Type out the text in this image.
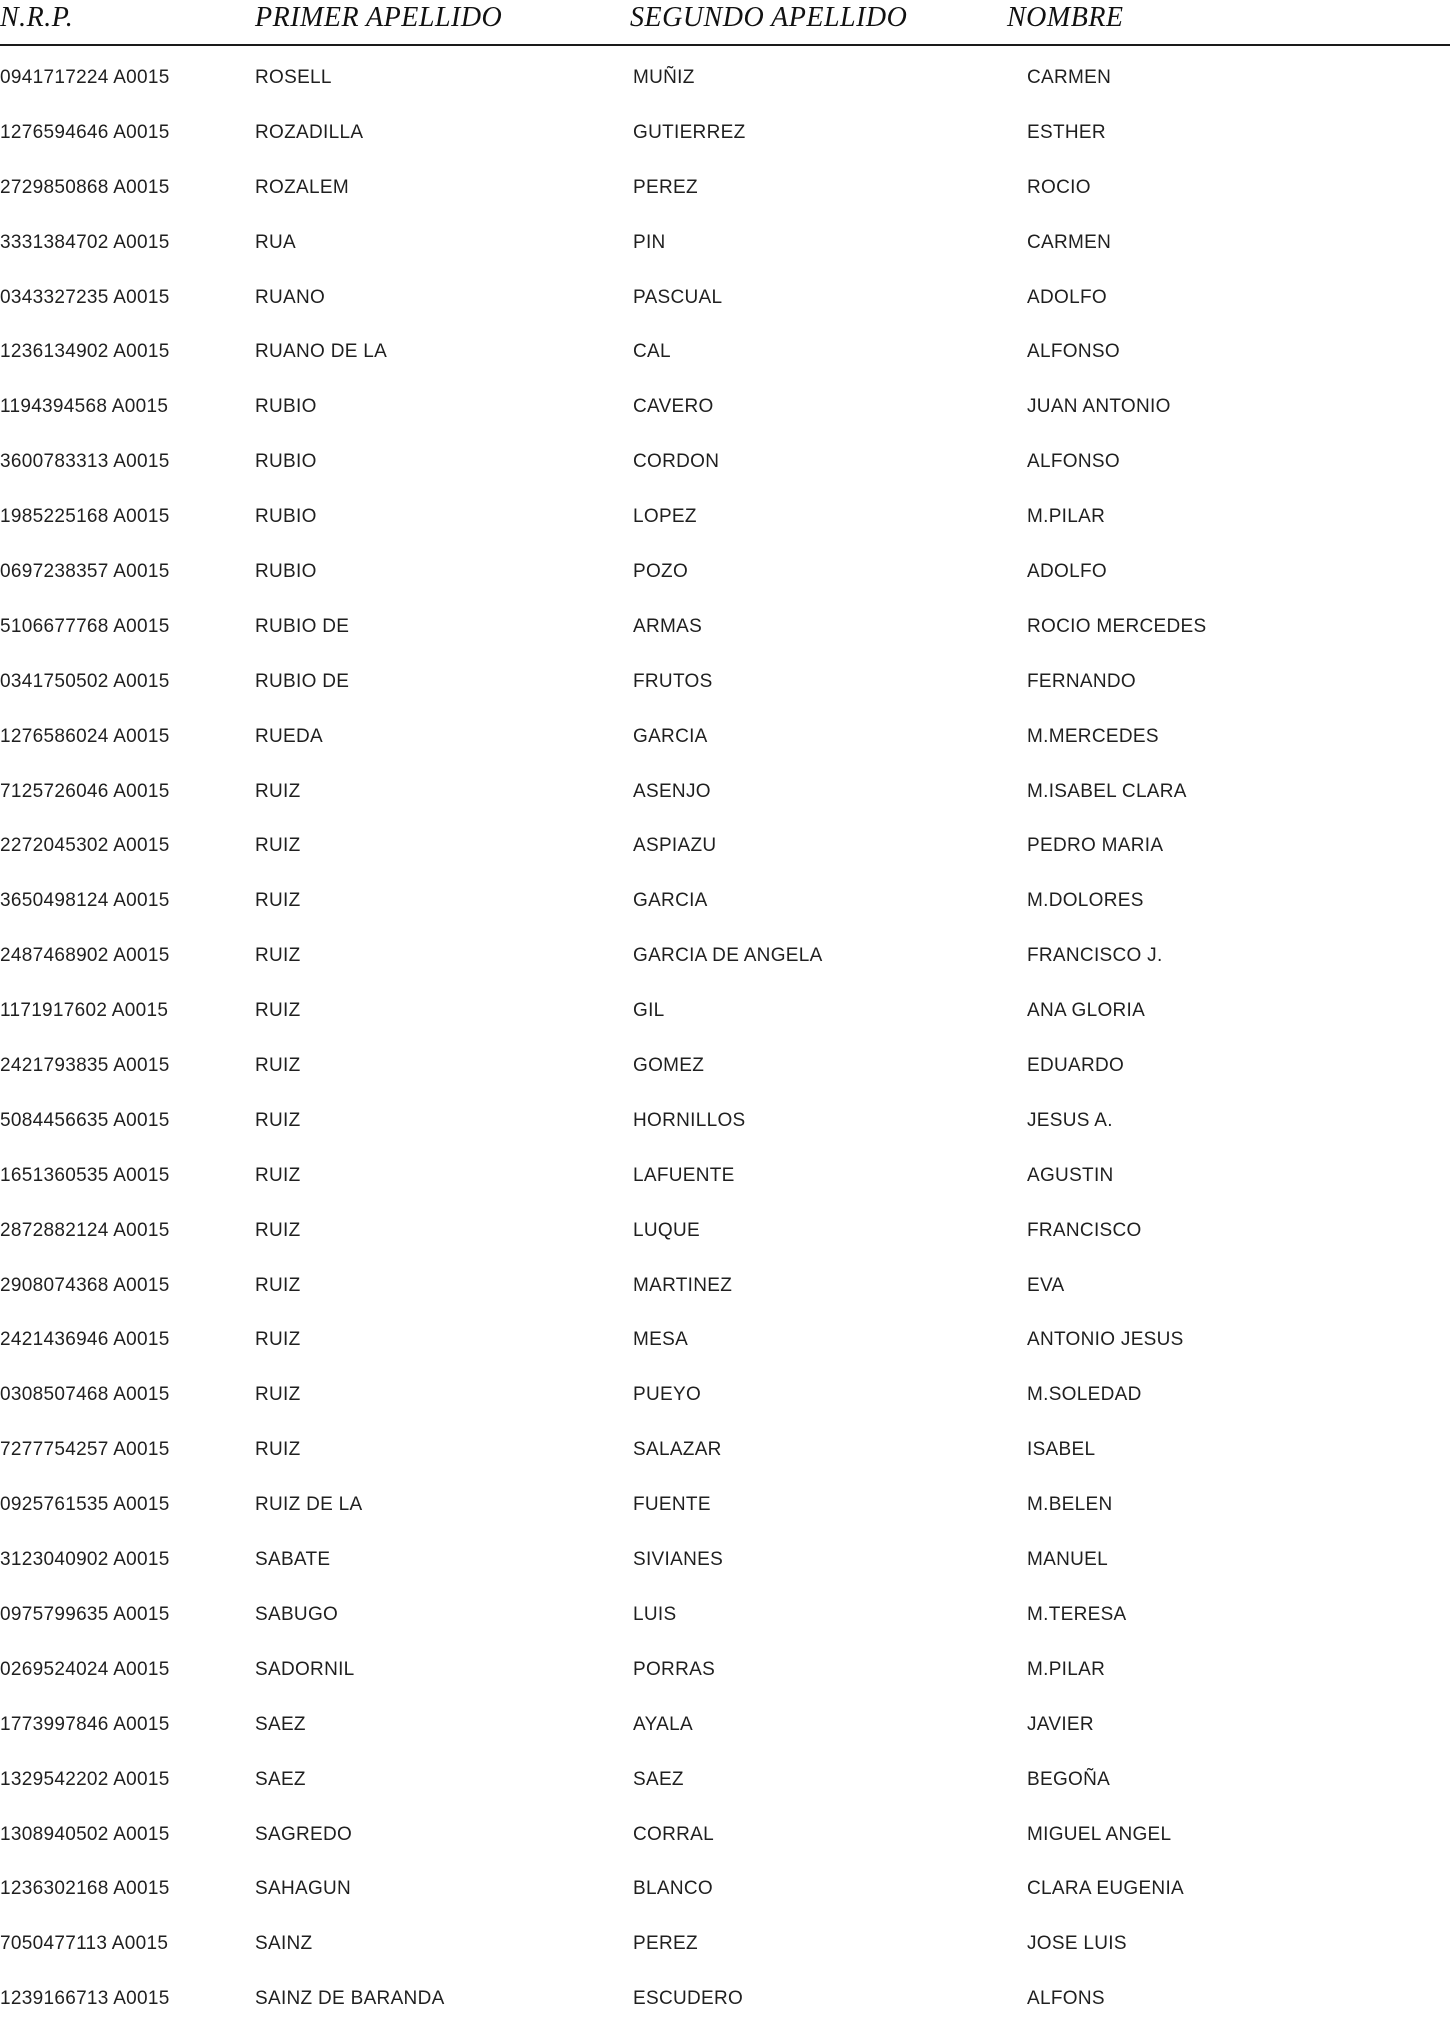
N.R.P.	PRIMER APELLIDO	SEGUNDO APELLIDO	NOMBRE
0941717224 A0015	ROSELL	MUÑIZ	CARMEN
1276594646 A0015	ROZADILLA	GUTIERREZ	ESTHER
2729850868 A0015	ROZALEM	PEREZ	ROCIO
3331384702 A0015	RUA	PIN	CARMEN
0343327235 A0015	RUANO	PASCUAL	ADOLFO
1236134902 A0015	RUANO DE LA	CAL	ALFONSO
1194394568 A0015	RUBIO	CAVERO	JUAN ANTONIO
3600783313 A0015	RUBIO	CORDON	ALFONSO
1985225168 A0015	RUBIO	LOPEZ	M.PILAR
0697238357 A0015	RUBIO	POZO	ADOLFO
5106677768 A0015	RUBIO DE	ARMAS	ROCIO MERCEDES
0341750502 A0015	RUBIO DE	FRUTOS	FERNANDO
1276586024 A0015	RUEDA	GARCIA	M.MERCEDES
7125726046 A0015	RUIZ	ASENJO	M.ISABEL CLARA
2272045302 A0015	RUIZ	ASPIAZU	PEDRO MARIA
3650498124 A0015	RUIZ	GARCIA	M.DOLORES
2487468902 A0015	RUIZ	GARCIA DE ANGELA	FRANCISCO J.
1171917602 A0015	RUIZ	GIL	ANA GLORIA
2421793835 A0015	RUIZ	GOMEZ	EDUARDO
5084456635 A0015	RUIZ	HORNILLOS	JESUS A.
1651360535 A0015	RUIZ	LAFUENTE	AGUSTIN
2872882124 A0015	RUIZ	LUQUE	FRANCISCO
2908074368 A0015	RUIZ	MARTINEZ	EVA
2421436946 A0015	RUIZ	MESA	ANTONIO JESUS
0308507468 A0015	RUIZ	PUEYO	M.SOLEDAD
7277754257 A0015	RUIZ	SALAZAR	ISABEL
0925761535 A0015	RUIZ DE LA	FUENTE	M.BELEN
3123040902 A0015	SABATE	SIVIANES	MANUEL
0975799635 A0015	SABUGO	LUIS	M.TERESA
0269524024 A0015	SADORNIL	PORRAS	M.PILAR
1773997846 A0015	SAEZ	AYALA	JAVIER
1329542202 A0015	SAEZ	SAEZ	BEGOÑA
1308940502 A0015	SAGREDO	CORRAL	MIGUEL ANGEL
1236302168 A0015	SAHAGUN	BLANCO	CLARA EUGENIA
7050477113 A0015	SAINZ	PEREZ	JOSE LUIS
1239166713 A0015	SAINZ DE BARANDA	ESCUDERO	ALFONS
